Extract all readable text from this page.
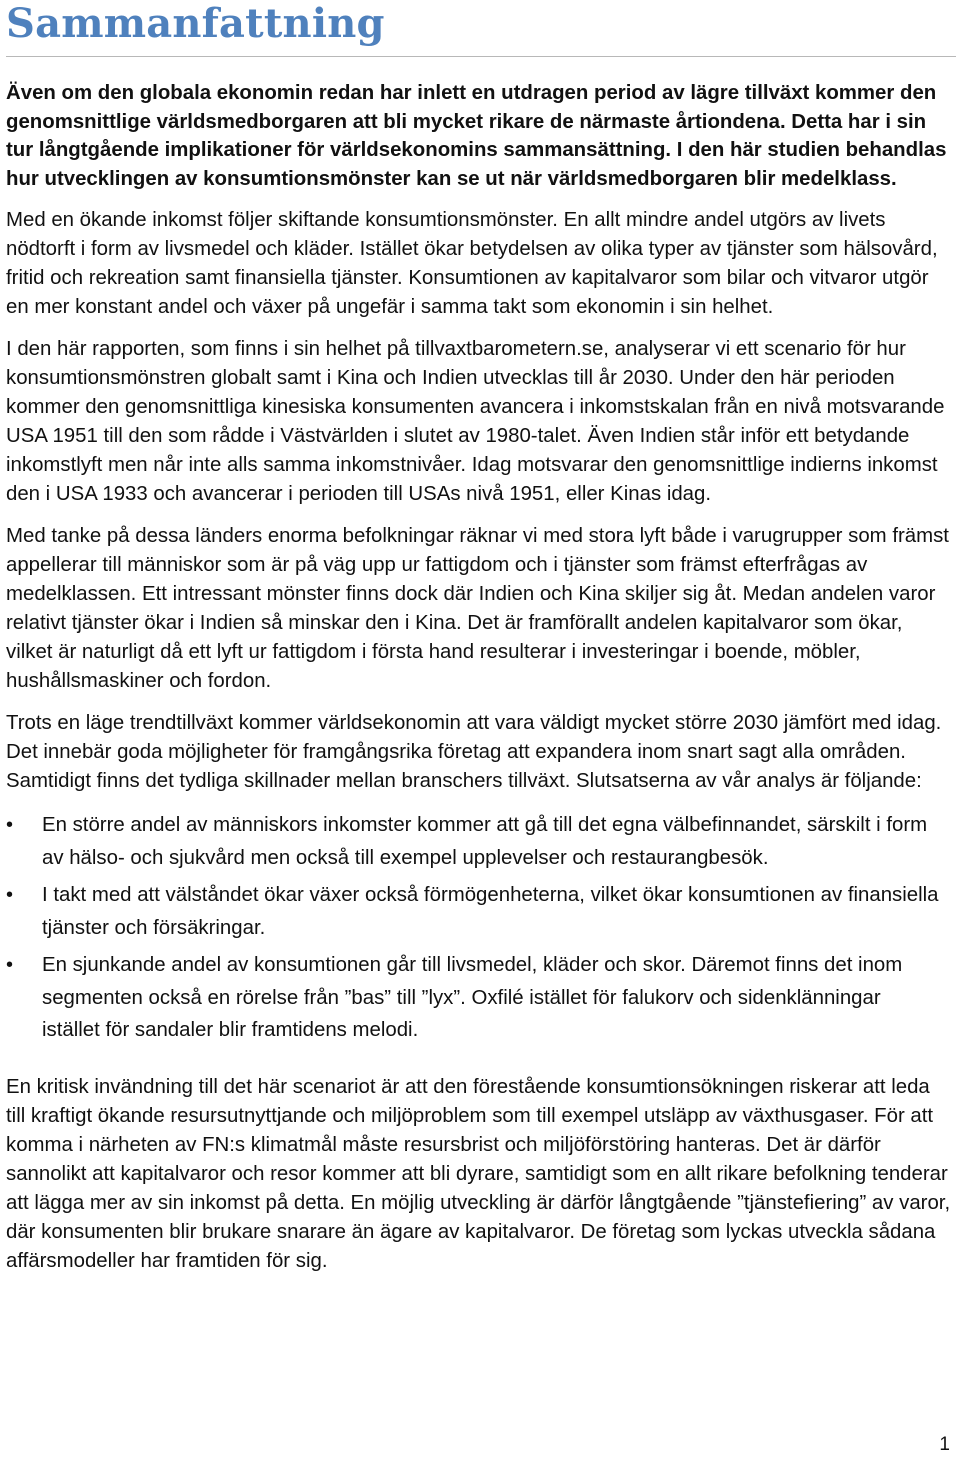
Sammanfattning

Även om den globala ekonomin redan har inlett en utdragen period av lägre tillväxt kommer den genomsnittlige världsmedborgaren att bli mycket rikare de närmaste årtiondena. Detta har i sin tur långtgående implikationer för världsekonomins sammansättning. I den här studien behandlas hur utvecklingen av konsumtionsmönster kan se ut när världsmedborgaren blir medelklass.

Med en ökande inkomst följer skiftande konsumtionsmönster. En allt mindre andel utgörs av livets nödtorft i form av livsmedel och kläder. Istället ökar betydelsen av olika typer av tjänster som hälsovård, fritid och rekreation samt finansiella tjänster. Konsumtionen av kapitalvaror som bilar och vitvaror utgör en mer konstant andel och växer på ungefär i samma takt som ekonomin i sin helhet.

I den här rapporten, som finns i sin helhet på tillvaxtbarometern.se, analyserar vi ett scenario för hur konsumtionsmönstren globalt samt i Kina och Indien utvecklas till år 2030. Under den här perioden kommer den genomsnittliga kinesiska konsumenten avancera i inkomstskalan från en nivå motsvarande USA 1951 till den som rådde i Västvärlden i slutet av 1980-talet. Även Indien står inför ett betydande inkomstlyft men når inte alls samma inkomstnivåer. Idag motsvarar den genomsnittlige indierns inkomst den i USA 1933 och avancerar i perioden till USAs nivå 1951, eller Kinas idag.

Med tanke på dessa länders enorma befolkningar räknar vi med stora lyft både i varugrupper som främst appellerar till människor som är på väg upp ur fattigdom och i tjänster som främst efterfrågas av medelklassen. Ett intressant mönster finns dock där Indien och Kina skiljer sig åt. Medan andelen varor relativt tjänster ökar i Indien så minskar den i Kina. Det är framförallt andelen kapitalvaror som ökar, vilket är naturligt då ett lyft ur fattigdom i första hand resulterar i investeringar i boende, möbler, hushållsmaskiner och fordon.

Trots en läge trendtillväxt kommer världsekonomin att vara väldigt mycket större 2030 jämfört med idag. Det innebär goda möjligheter för framgångsrika företag att expandera inom snart sagt alla områden. Samtidigt finns det tydliga skillnader mellan branschers tillväxt. Slutsatserna av vår analys är följande:

•	En större andel av människors inkomster kommer att gå till det egna välbefinnandet, särskilt i form av hälso- och sjukvård men också till exempel upplevelser och restaurangbesök.
•	I takt med att välståndet ökar växer också förmögenheterna, vilket ökar konsumtionen av finansiella tjänster och försäkringar.
•	En sjunkande andel av konsumtionen går till livsmedel, kläder och skor. Däremot finns det inom segmenten också en rörelse från ”bas” till ”lyx”. Oxfilé istället för falukorv och sidenklänningar istället för sandaler blir framtidens melodi.

En kritisk invändning till det här scenariot är att den förestående konsumtionsökningen riskerar att leda till kraftigt ökande resursutnyttjande och miljöproblem som till exempel utsläpp av växthusgaser. För att komma i närheten av FN:s klimatmål måste resursbrist och miljöförstöring hanteras. Det är därför sannolikt att kapitalvaror och resor kommer att bli dyrare, samtidigt som en allt rikare befolkning tenderar att lägga mer av sin inkomst på detta. En möjlig utveckling är därför långtgående ”tjänstefiering” av varor, där konsumenten blir brukare snarare än ägare av kapitalvaror. De företag som lyckas utveckla sådana affärsmodeller har framtiden för sig.

1
